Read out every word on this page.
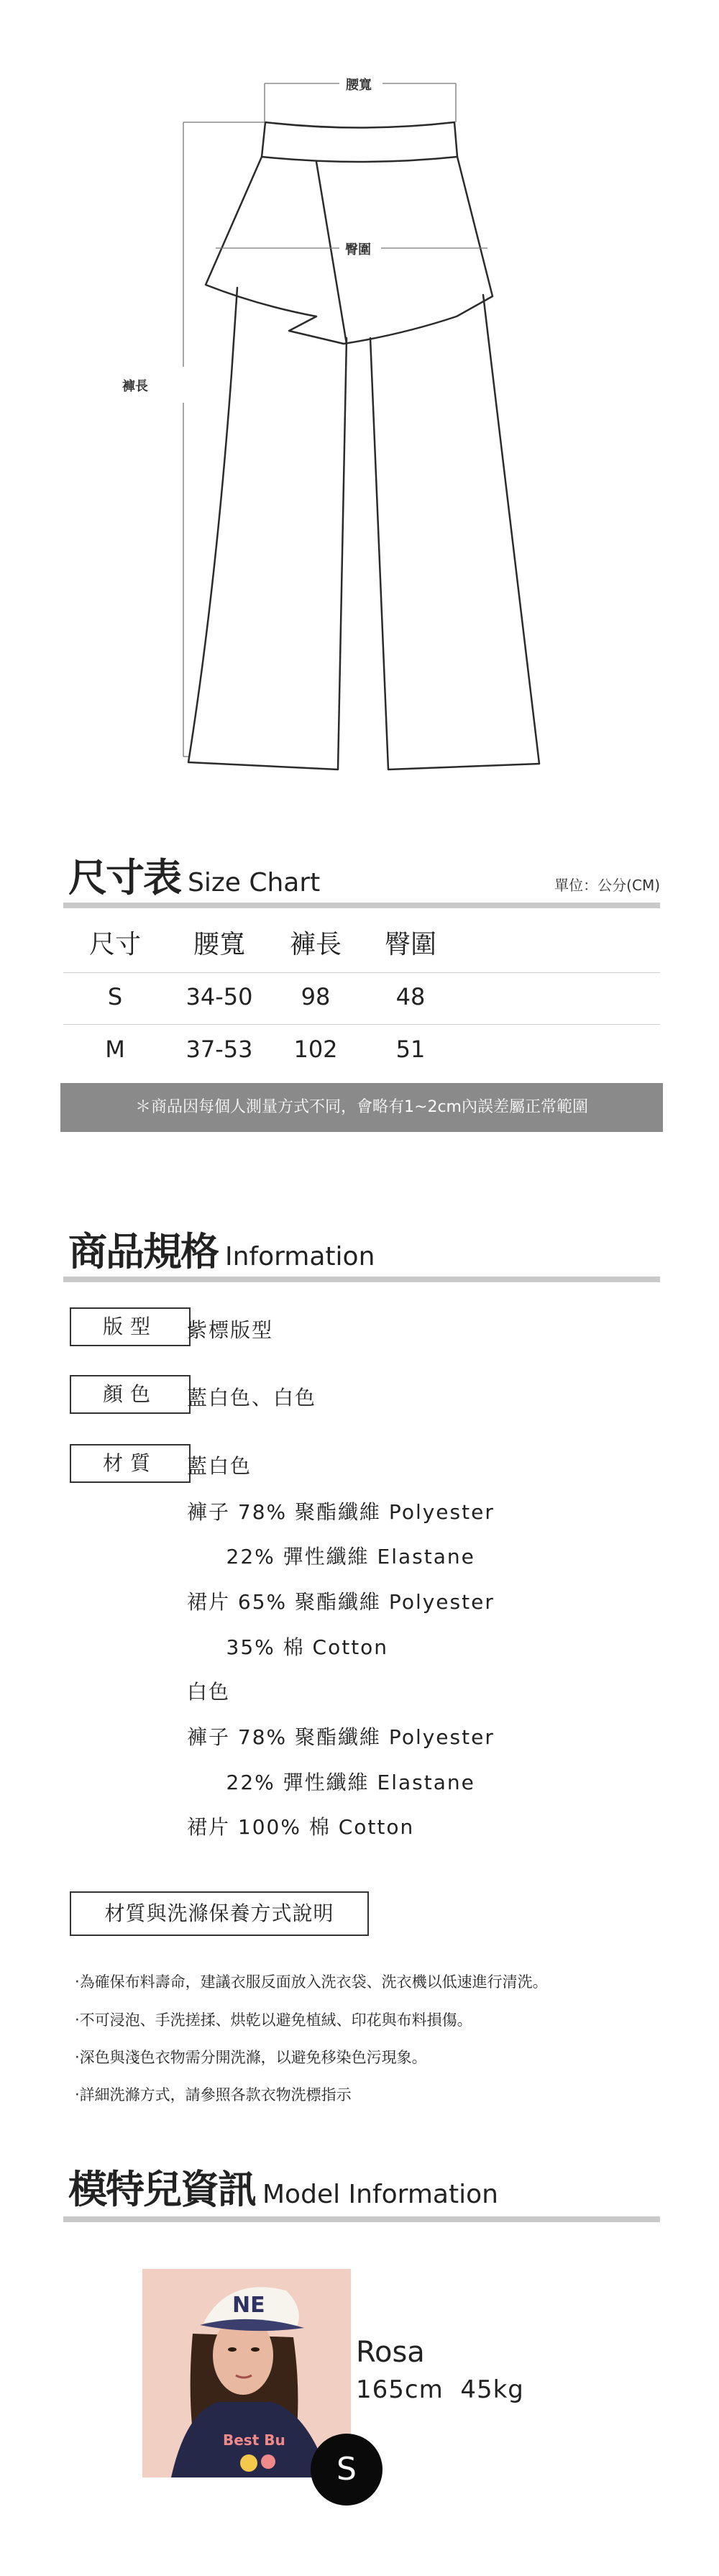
腰寬
臀圍
褲長
尺寸表 Size Chart	單位：公分(CM)
尺寸	腰寬	褲長	臀圍
S	34-50	98	48
M	37-53	102	51
＊商品因每個人測量方式不同，會略有1~2cm內誤差屬正常範圍
商品規格 Information
版型	紫標版型
顏色	藍白色、白色
材質	藍白色
褲子 78% 聚酯纖維 Polyester
22% 彈性纖維 Elastane
裙片 65% 聚酯纖維 Polyester
35% 棉 Cotton
白色
褲子 78% 聚酯纖維 Polyester
22% 彈性纖維 Elastane
裙片 100% 棉 Cotton
材質與洗滌保養方式說明
‧為確保布料壽命，建議衣服反面放入洗衣袋、洗衣機以低速進行清洗。
‧不可浸泡、手洗搓揉、烘乾以避免植絨、印花與布料損傷。
‧深色與淺色衣物需分開洗滌，以避免移染色污現象。
‧詳細洗滌方式，請參照各款衣物洗標指示
模特兒資訊 Model Information
NE
Best Bu
S
Rosa
165cm  45kg
